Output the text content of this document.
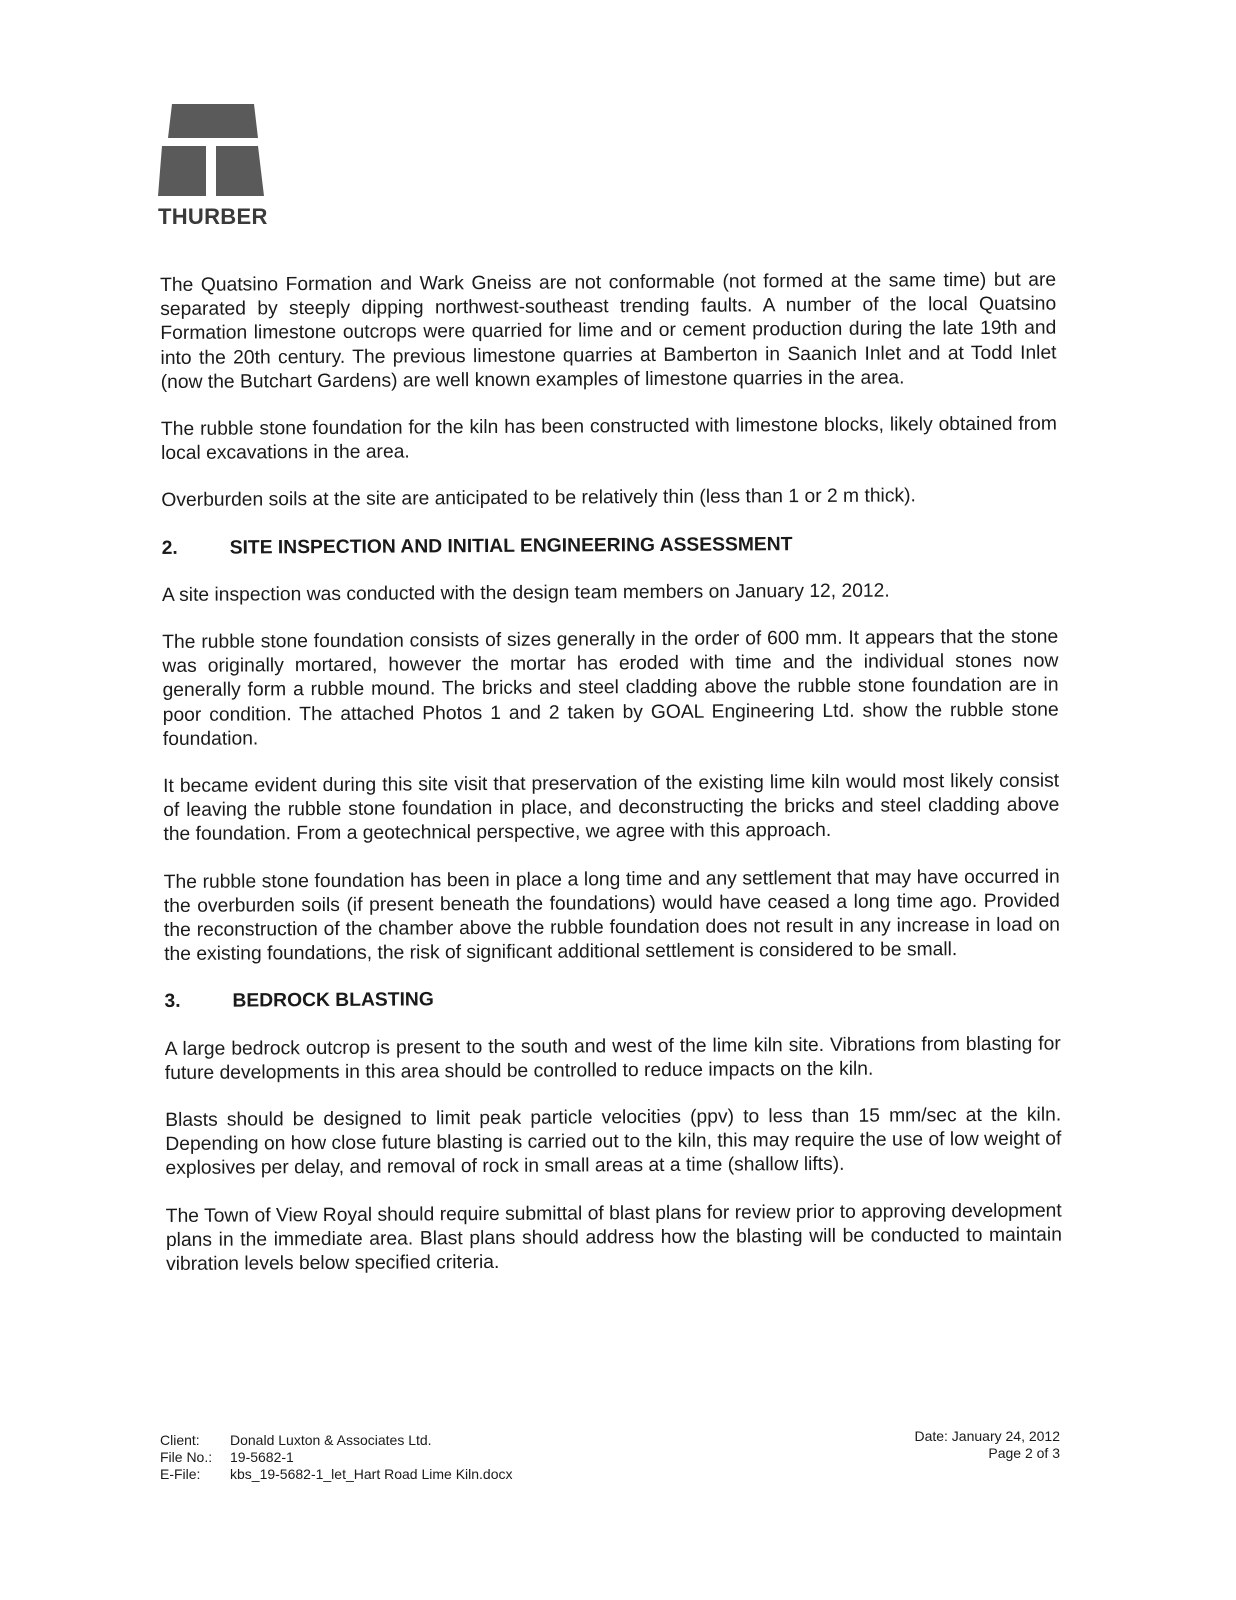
THURBER

The Quatsino Formation and Wark Gneiss are not conformable (not formed at the same time) but are separated by steeply dipping northwest-southeast trending faults. A number of the local Quatsino Formation limestone outcrops were quarried for lime and or cement production during the late 19th and into the 20th century. The previous limestone quarries at Bamberton in Saanich Inlet and at Todd Inlet (now the Butchart Gardens) are well known examples of limestone quarries in the area.

The rubble stone foundation for the kiln has been constructed with limestone blocks, likely obtained from local excavations in the area.

Overburden soils at the site are anticipated to be relatively thin (less than 1 or 2 m thick).

2.	SITE INSPECTION AND INITIAL ENGINEERING ASSESSMENT

A site inspection was conducted with the design team members on January 12, 2012.

The rubble stone foundation consists of sizes generally in the order of 600 mm. It appears that the stone was originally mortared, however the mortar has eroded with time and the individual stones now generally form a rubble mound. The bricks and steel cladding above the rubble stone foundation are in poor condition. The attached Photos 1 and 2 taken by GOAL Engineering Ltd. show the rubble stone foundation.

It became evident during this site visit that preservation of the existing lime kiln would most likely consist of leaving the rubble stone foundation in place, and deconstructing the bricks and steel cladding above the foundation. From a geotechnical perspective, we agree with this approach.

The rubble stone foundation has been in place a long time and any settlement that may have occurred in the overburden soils (if present beneath the foundations) would have ceased a long time ago. Provided the reconstruction of the chamber above the rubble foundation does not result in any increase in load on the existing foundations, the risk of significant additional settlement is considered to be small.

3.	BEDROCK BLASTING

A large bedrock outcrop is present to the south and west of the lime kiln site. Vibrations from blasting for future developments in this area should be controlled to reduce impacts on the kiln.

Blasts should be designed to limit peak particle velocities (ppv) to less than 15 mm/sec at the kiln. Depending on how close future blasting is carried out to the kiln, this may require the use of low weight of explosives per delay, and removal of rock in small areas at a time (shallow lifts).

The Town of View Royal should require submittal of blast plans for review prior to approving development plans in the immediate area. Blast plans should address how the blasting will be conducted to maintain vibration levels below specified criteria.

Client:	Donald Luxton & Associates Ltd.
File No.:	19-5682-1
E-File:	kbs_19-5682-1_let_Hart Road Lime Kiln.docx
Date: January 24, 2012
Page 2 of 3
